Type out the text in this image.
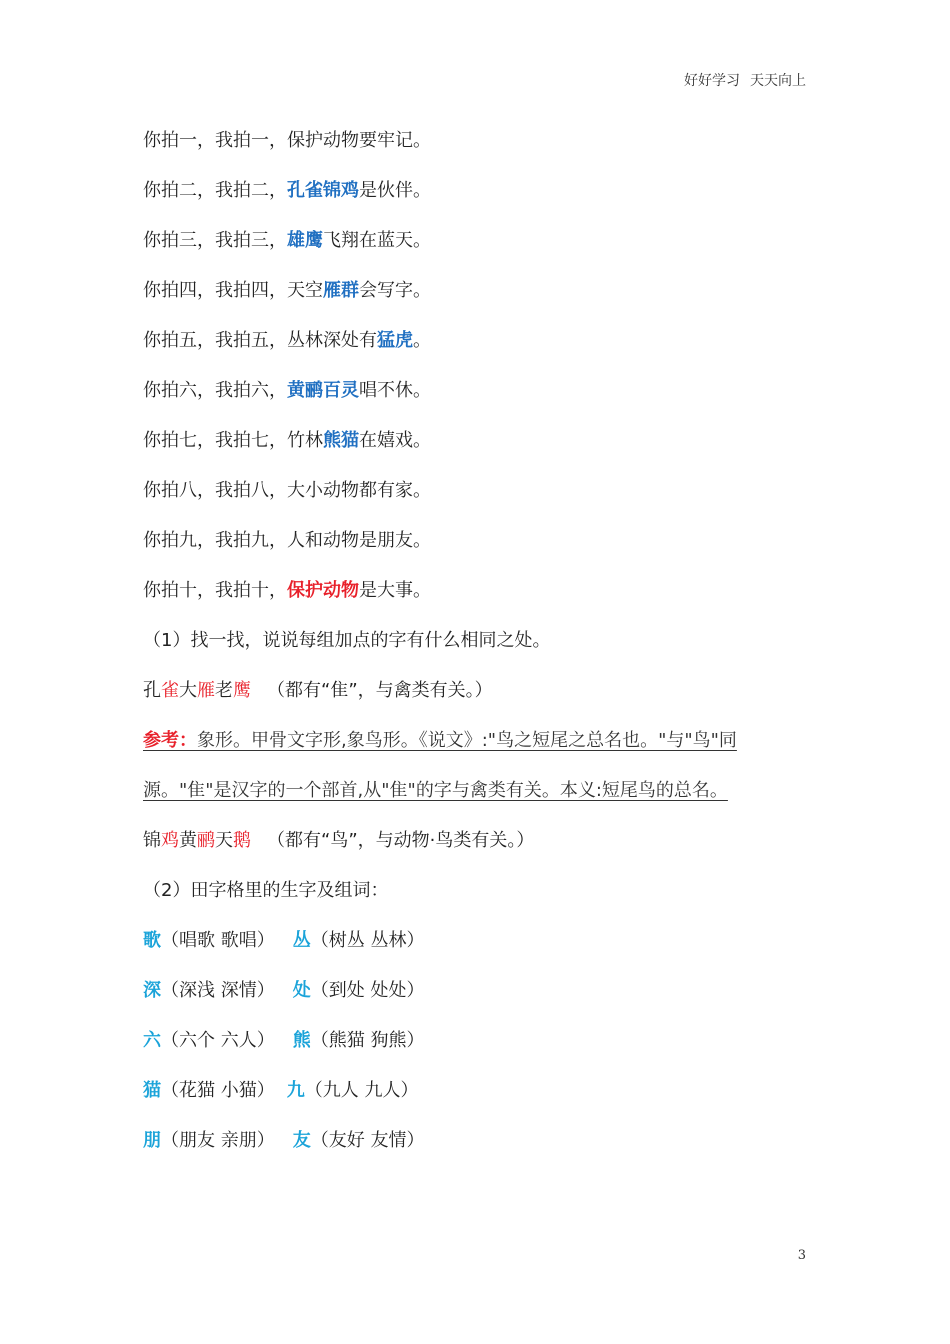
好好学习 天天向上
你拍一，我拍一，保护动物要牢记。
你拍二，我拍二，孔雀锦鸡是伙伴。
你拍三，我拍三，雄鹰飞翔在蓝天。
你拍四，我拍四，天空雁群会写字。
你拍五，我拍五，丛林深处有猛虎。
你拍六，我拍六，黄鹂百灵唱不休。
你拍七，我拍七，竹林熊猫在嬉戏。
你拍八，我拍八，大小动物都有家。
你拍九，我拍九，人和动物是朋友。
你拍十，我拍十，保护动物是大事。
（1）找一找，说说每组加点的字有什么相同之处。
孔雀大雁老鹰 （都有“隹”，与禽类有关。）
参考：象形。甲骨文字形,象鸟形。《说文》:"鸟之短尾之总名也。"与"鸟"同
源。"隹"是汉字的一个部首,从"隹"的字与禽类有关。本义:短尾鸟的总名。
锦鸡黄鹂天鹅 （都有“鸟”，与动物·鸟类有关。）
（2）田字格里的生字及组词：
歌（唱歌 歌唱） 丛（树丛 丛林）
深（深浅 深情） 处（到处 处处）
六（六个 六人） 熊（熊猫 狗熊）
猫（花猫 小猫） 九（九人 九人）
朋（朋友 亲朋） 友（友好 友情）
3
